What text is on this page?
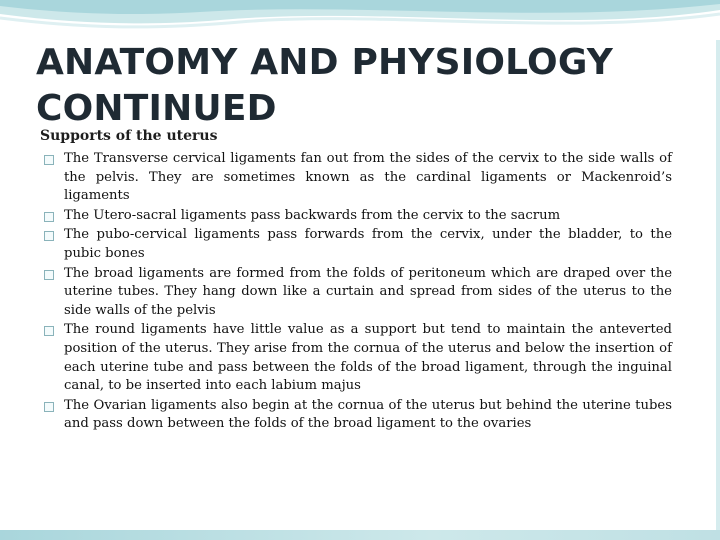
ANATOMY AND PHYSIOLOGY CONTINUED
Supports of the uterus
The Transverse cervical ligaments fan out from the sides of the cervix to the side walls of the pelvis. They are sometimes known as the cardinal ligaments or Mackenroid’s ligaments
The Utero-sacral ligaments pass backwards from the cervix to the sacrum
The pubo-cervical ligaments pass forwards from the cervix, under the bladder, to the pubic bones
The broad ligaments are formed from the folds of peritoneum which are draped over the uterine tubes. They hang down like a curtain and spread from sides of the uterus to the side walls of the pelvis
The round ligaments have little value as a support but tend to maintain the anteverted position of the uterus. They arise from the cornua of the uterus and below the insertion of each uterine tube and pass between the folds of the broad ligament, through the inguinal canal, to be inserted into each labium majus
The Ovarian ligaments also begin at the cornua of the uterus but behind the uterine tubes and pass down between the folds of the broad ligament to the ovaries
